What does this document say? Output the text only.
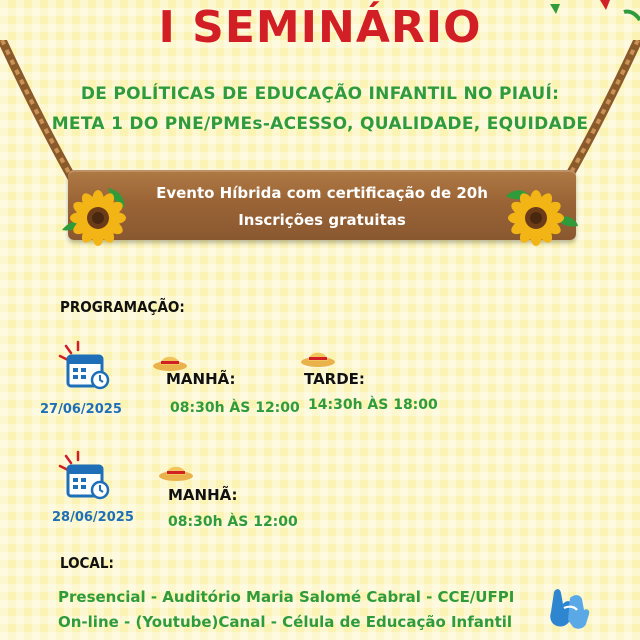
I SEMINÁRIO
DE POLÍTICAS DE EDUCAÇÃO INFANTIL NO PIAUÍ:
META 1 DO PNE/PMEs-ACESSO, QUALIDADE, EQUIDADE
Evento Híbrida com certificação de 20h
Inscrições gratuitas
PROGRAMAÇÃO:
27/06/2025
MANHÃ:
08:30h ÀS 12:00
TARDE:
14:30h ÀS 18:00
28/06/2025
MANHÃ:
08:30h ÀS 12:00
LOCAL:
Presencial - Auditório Maria Salomé Cabral - CCE/UFPI
On-line - (Youtube)Canal - Célula de Educação Infantil
